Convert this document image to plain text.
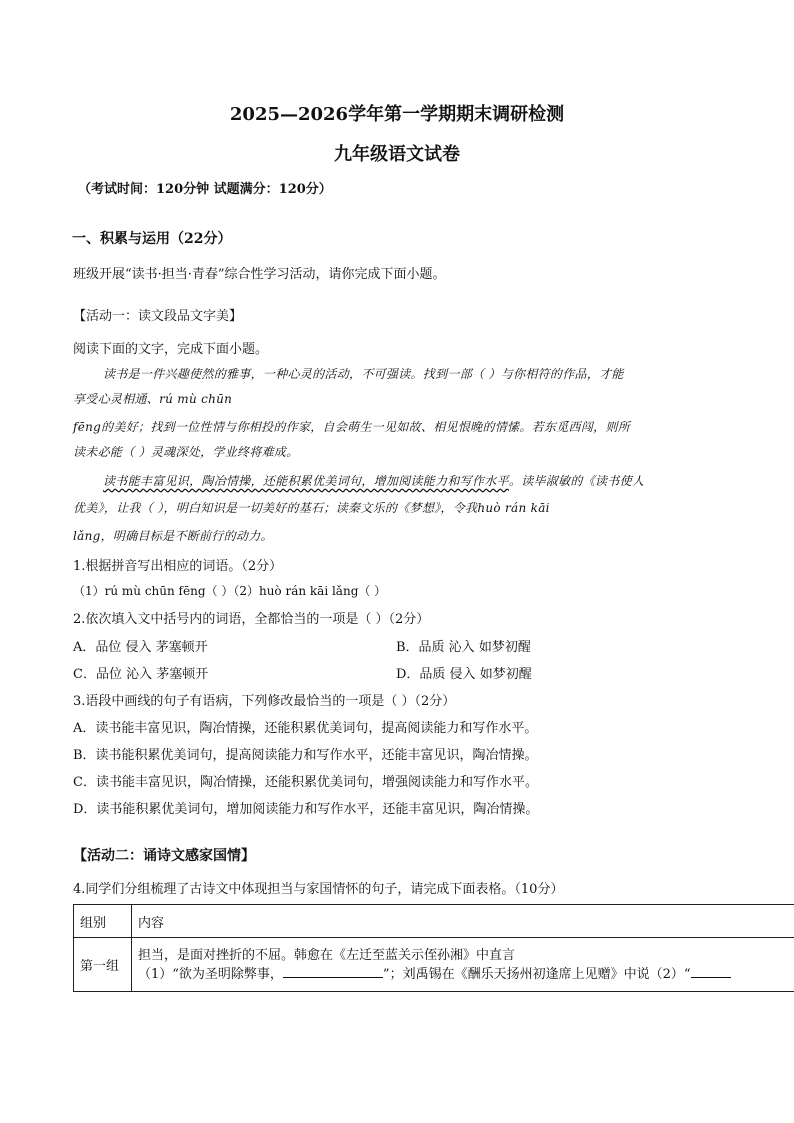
2025—2026学年第一学期期末调研检测
九年级语文试卷
（考试时间：120分钟 试题满分：120分）
一、积累与运用（22分）
班级开展“读书·担当·青春”综合性学习活动，请你完成下面小题。
【活动一：读文段品文字美】
阅读下面的文字，完成下面小题。
读书是一件兴趣使然的雅事，一种心灵的活动，不可强读。找到一部（ ）与你相符的作品，才能
享受心灵相通、rú mù chūn
fēng的美好；找到一位性情与你相投的作家，自会萌生一见如故、相见恨晚的情愫。若东觅西闯，则所
读未必能（ ）灵魂深处，学业终将难成。
读书能丰富见识，陶冶情操，还能积累优美词句，增加阅读能力和写作水平。读毕淑敏的《读书使人
优美》，让我（ ），明白知识是一切美好的基石；读秦文乐的《梦想》，令我huò rán kāi
lǎng，明确目标是不断前行的动力。
1.根据拼音写出相应的词语。（2分）
（1）rú mù chūn fēng（ ）（2）huò rán kāi lǎng（ ）
2.依次填入文中括号内的词语，全都恰当的一项是（ ）（2分）
A．品位 侵入 茅塞顿开	B．品质 沁入 如梦初醒
C．品位 沁入 茅塞顿开	D．品质 侵入 如梦初醒
3.语段中画线的句子有语病，下列修改最恰当的一项是（ ）（2分）
A．读书能丰富见识，陶冶情操，还能积累优美词句，提高阅读能力和写作水平。
B．读书能积累优美词句，提高阅读能力和写作水平，还能丰富见识，陶冶情操。
C．读书能丰富见识，陶冶情操，还能积累优美词句，增强阅读能力和写作水平。
D．读书能积累优美词句，增加阅读能力和写作水平，还能丰富见识，陶冶情操。
【活动二：诵诗文感家国情】
4.同学们分组梳理了古诗文中体现担当与家国情怀的句子，请完成下面表格。（10分）
组别	内容
第一组	担当，是面对挫折的不屈。韩愈在《左迁至蓝关示侄孙湘》中直言
（1）“欲为圣明除弊事， ”；刘禹锡在《酬乐天扬州初逢席上见赠》中说（2）“
